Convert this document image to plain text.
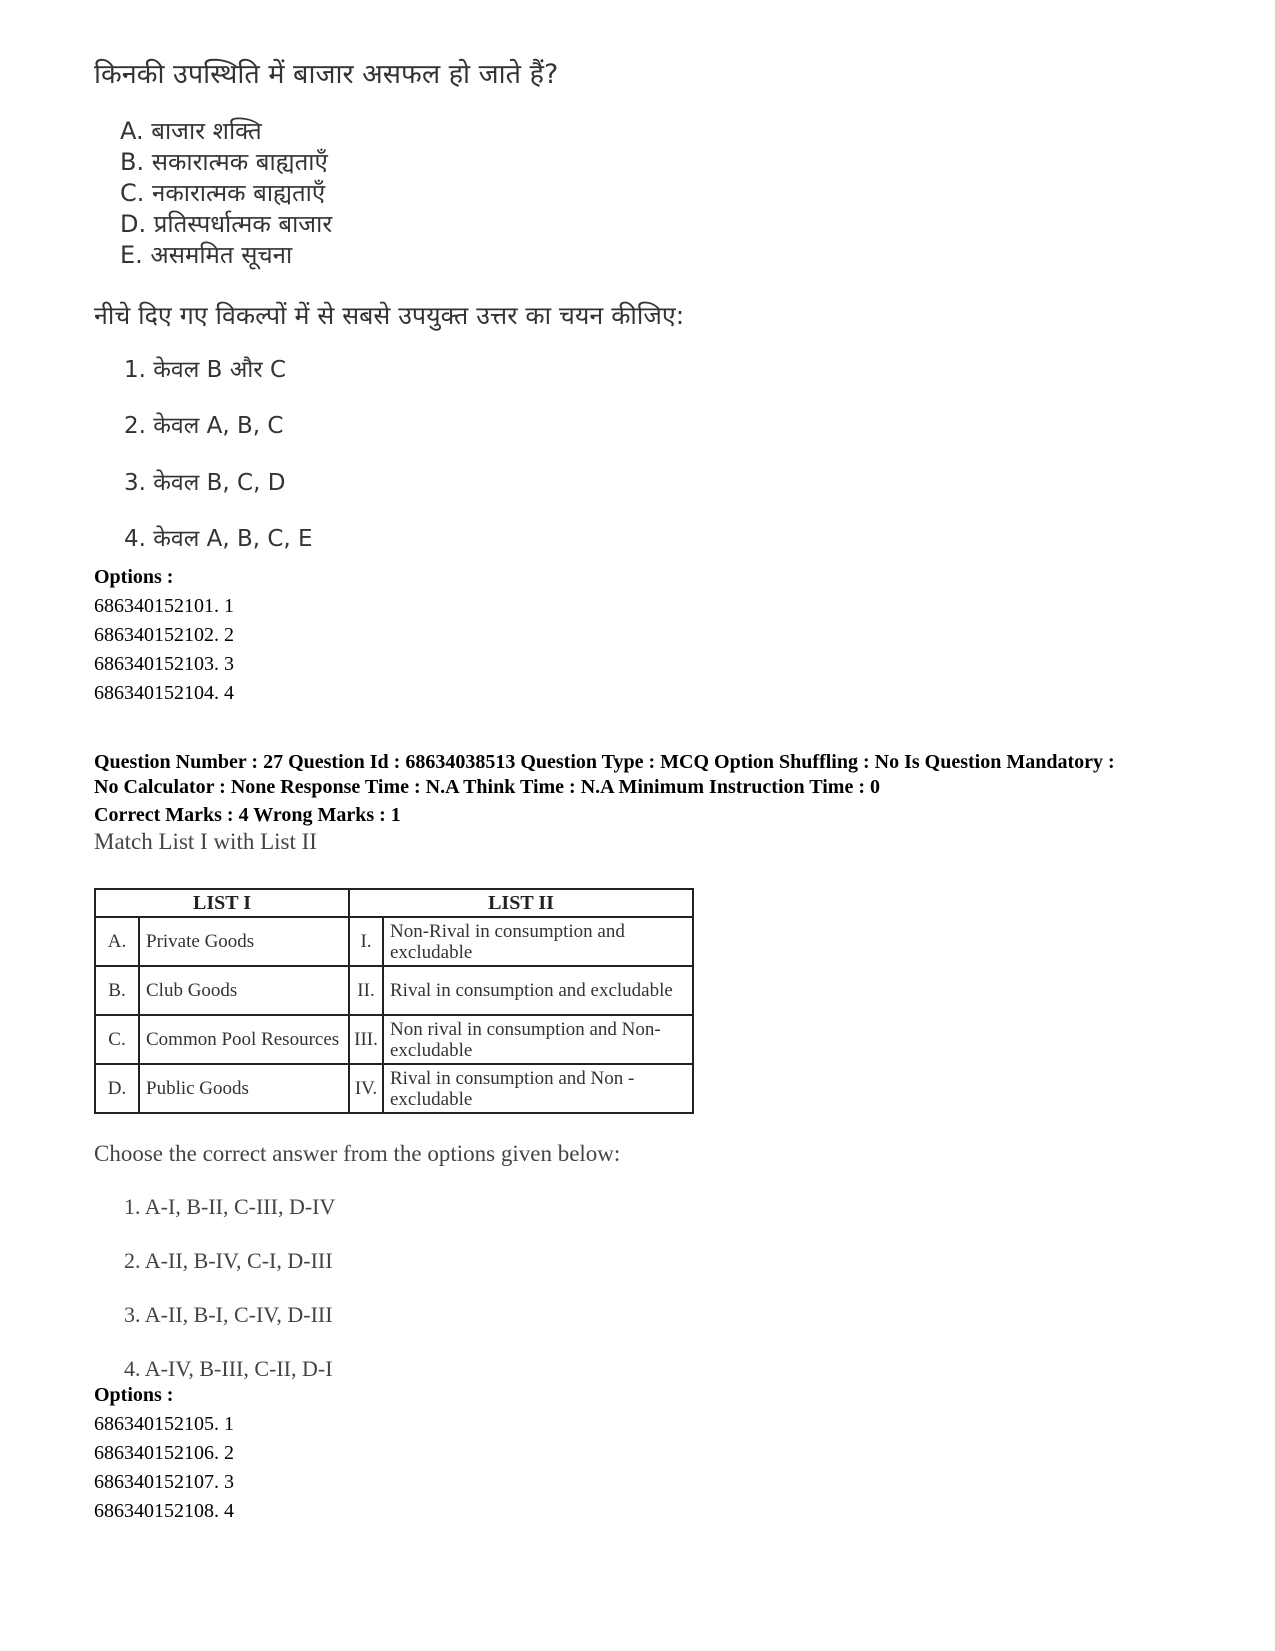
किनकी उपस्थिति में बाजार असफल हो जाते हैं?
A. बाजार शक्ति
B. सकारात्मक बाह्यताएँ
C. नकारात्मक बाह्यताएँ
D. प्रतिस्पर्धात्मक बाजार
E. असममित सूचना
नीचे दिए गए विकल्पों में से सबसे उपयुक्त उत्तर का चयन कीजिए:
1. केवल B और C
2. केवल A, B, C
3. केवल B, C, D
4. केवल A, B, C, E
Options :
686340152101. 1
686340152102. 2
686340152103. 3
686340152104. 4
Question Number : 27 Question Id : 68634038513 Question Type : MCQ Option Shuffling : No Is Question Mandatory :
No Calculator : None Response Time : N.A Think Time : N.A Minimum Instruction Time : 0
Correct Marks : 4 Wrong Marks : 1
Match List I with List II
LIST I		LIST II	
A.	Private Goods	I.	Non-Rival in consumption and excludable
B.	Club Goods	II.	Rival in consumption and excludable
C.	Common Pool Resources	III.	Non rival in consumption and Non-excludable
D.	Public Goods	IV.	Rival in consumption and Non - excludable
Choose the correct answer from the options given below:
1. A-I, B-II, C-III, D-IV
2. A-II, B-IV, C-I, D-III
3. A-II, B-I, C-IV, D-III
4. A-IV, B-III, C-II, D-I
Options :
686340152105. 1
686340152106. 2
686340152107. 3
686340152108. 4
